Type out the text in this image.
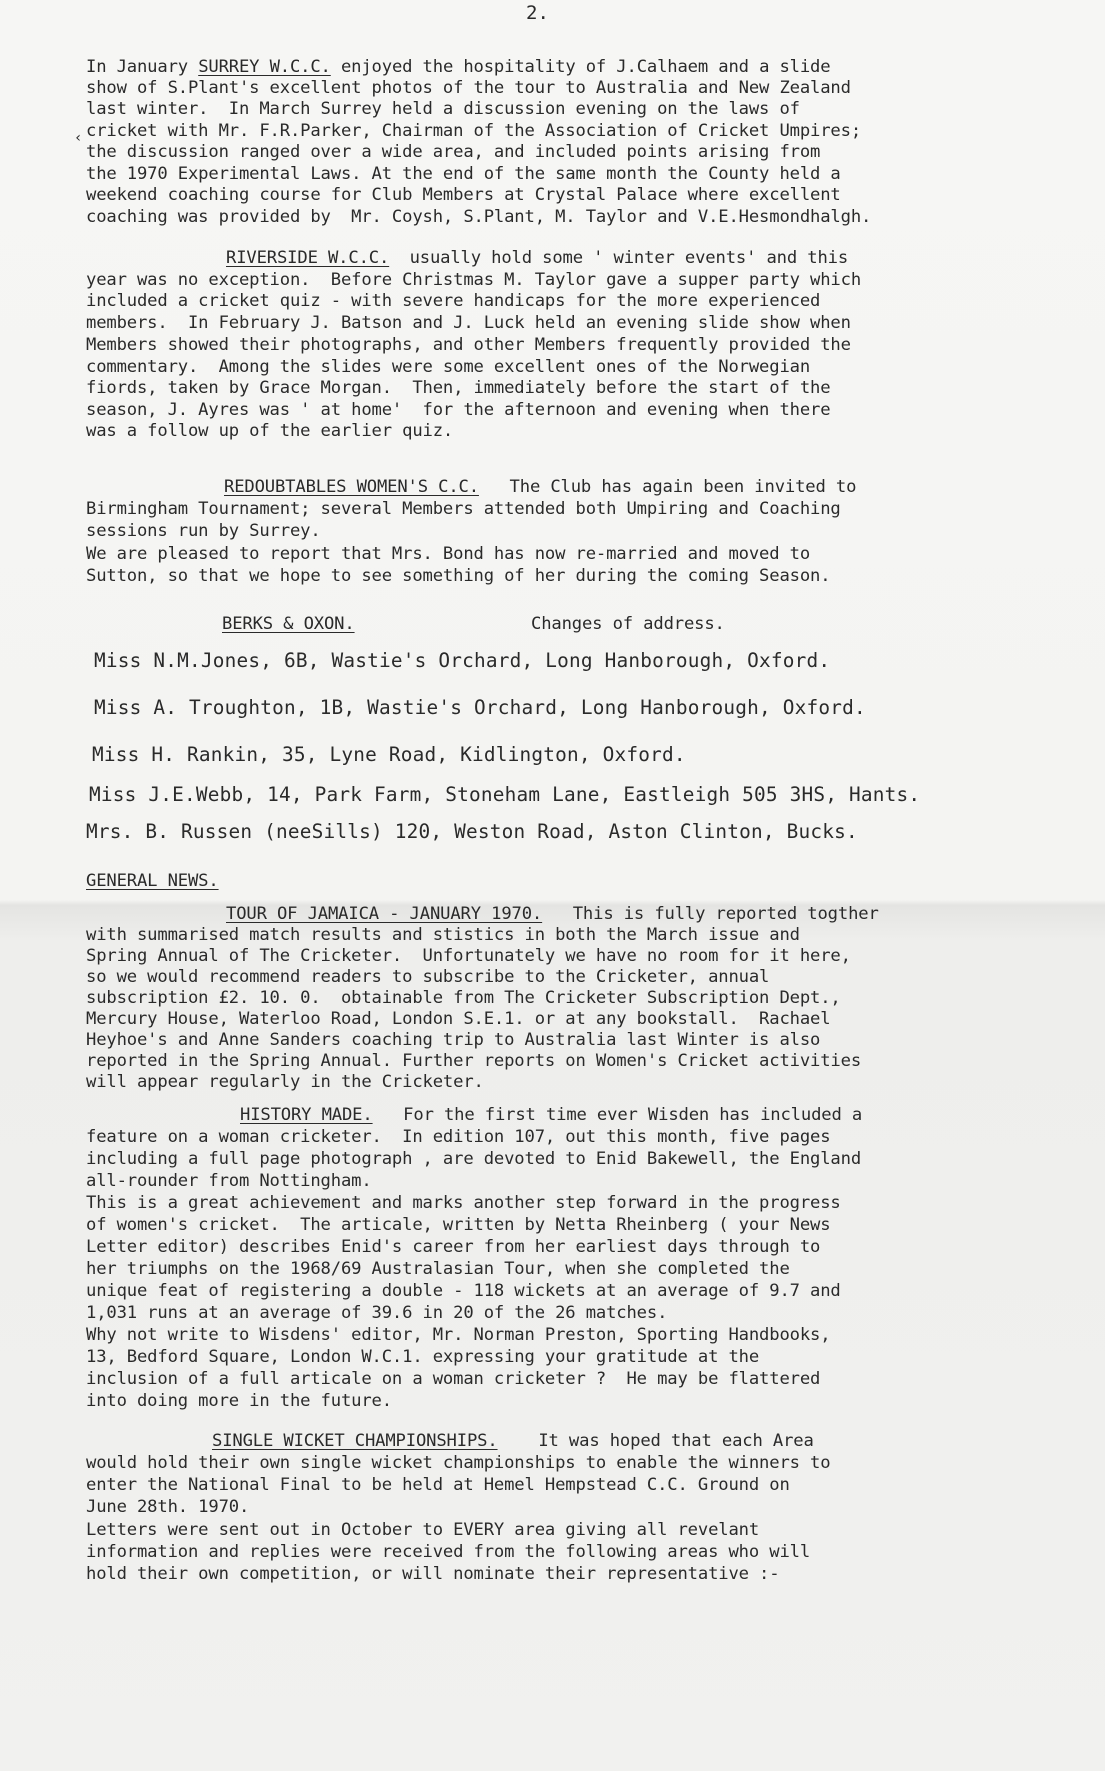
2.
‹
In January SURREY W.C.C. enjoyed the hospitality of J.Calhaem and a slide
show of S.Plant's excellent photos of the tour to Australia and New Zealand
last winter.  In March Surrey held a discussion evening on the laws of
cricket with Mr. F.R.Parker, Chairman of the Association of Cricket Umpires;
the discussion ranged over a wide area, and included points arising from
the 1970 Experimental Laws. At the end of the same month the County held a
weekend coaching course for Club Members at Crystal Palace where excellent
coaching was provided by  Mr. Coysh, S.Plant, M. Taylor and V.E.Hesmondhalgh.
RIVERSIDE W.C.C.  usually hold some ' winter events' and this
year was no exception.  Before Christmas M. Taylor gave a supper party which
included a cricket quiz - with severe handicaps for the more experienced
members.  In February J. Batson and J. Luck held an evening slide show when
Members showed their photographs, and other Members frequently provided the
commentary.  Among the slides were some excellent ones of the Norwegian
fiords, taken by Grace Morgan.  Then, immediately before the start of the
season, J. Ayres was ' at home'  for the afternoon and evening when there
was a follow up of the earlier quiz.
REDOUBTABLES WOMEN'S C.C.   The Club has again been invited to
Birmingham Tournament; several Members attended both Umpiring and Coaching
sessions run by Surrey.
We are pleased to report that Mrs. Bond has now re-married and moved to
Sutton, so that we hope to see something of her during the coming Season.
BERKS & OXON.	Changes of address.
Miss N.M.Jones, 6B, Wastie's Orchard, Long Hanborough, Oxford.
Miss A. Troughton, 1B, Wastie's Orchard, Long Hanborough, Oxford.
Miss H. Rankin, 35, Lyne Road, Kidlington, Oxford.
Miss J.E.Webb, 14, Park Farm, Stoneham Lane, Eastleigh 505 3HS, Hants.
Mrs. B. Russen (neeSills) 120, Weston Road, Aston Clinton, Bucks.
GENERAL NEWS.
TOUR OF JAMAICA - JANUARY 1970.   This is fully reported togther
with summarised match results and stistics in both the March issue and
Spring Annual of The Cricketer.  Unfortunately we have no room for it here,
so we would recommend readers to subscribe to the Cricketer, annual
subscription £2. 10. 0.  obtainable from The Cricketer Subscription Dept.,
Mercury House, Waterloo Road, London S.E.1. or at any bookstall.  Rachael
Heyhoe's and Anne Sanders coaching trip to Australia last Winter is also
reported in the Spring Annual. Further reports on Women's Cricket activities
will appear regularly in the Cricketer.
HISTORY MADE.   For the first time ever Wisden has included a
feature on a woman cricketer.  In edition 107, out this month, five pages
including a full page photograph , are devoted to Enid Bakewell, the England
all-rounder from Nottingham.
This is a great achievement and marks another step forward in the progress
of women's cricket.  The articale, written by Netta Rheinberg ( your News
Letter editor) describes Enid's career from her earliest days through to
her triumphs on the 1968/69 Australasian Tour, when she completed the
unique feat of registering a double - 118 wickets at an average of 9.7 and
1,031 runs at an average of 39.6 in 20 of the 26 matches.
Why not write to Wisdens' editor, Mr. Norman Preston, Sporting Handbooks,
13, Bedford Square, London W.C.1. expressing your gratitude at the
inclusion of a full articale on a woman cricketer ?  He may be flattered
into doing more in the future.
SINGLE WICKET CHAMPIONSHIPS.    It was hoped that each Area
would hold their own single wicket championships to enable the winners to
enter the National Final to be held at Hemel Hempstead C.C. Ground on
June 28th. 1970.
Letters were sent out in October to EVERY area giving all revelant
information and replies were received from the following areas who will
hold their own competition, or will nominate their representative :-
